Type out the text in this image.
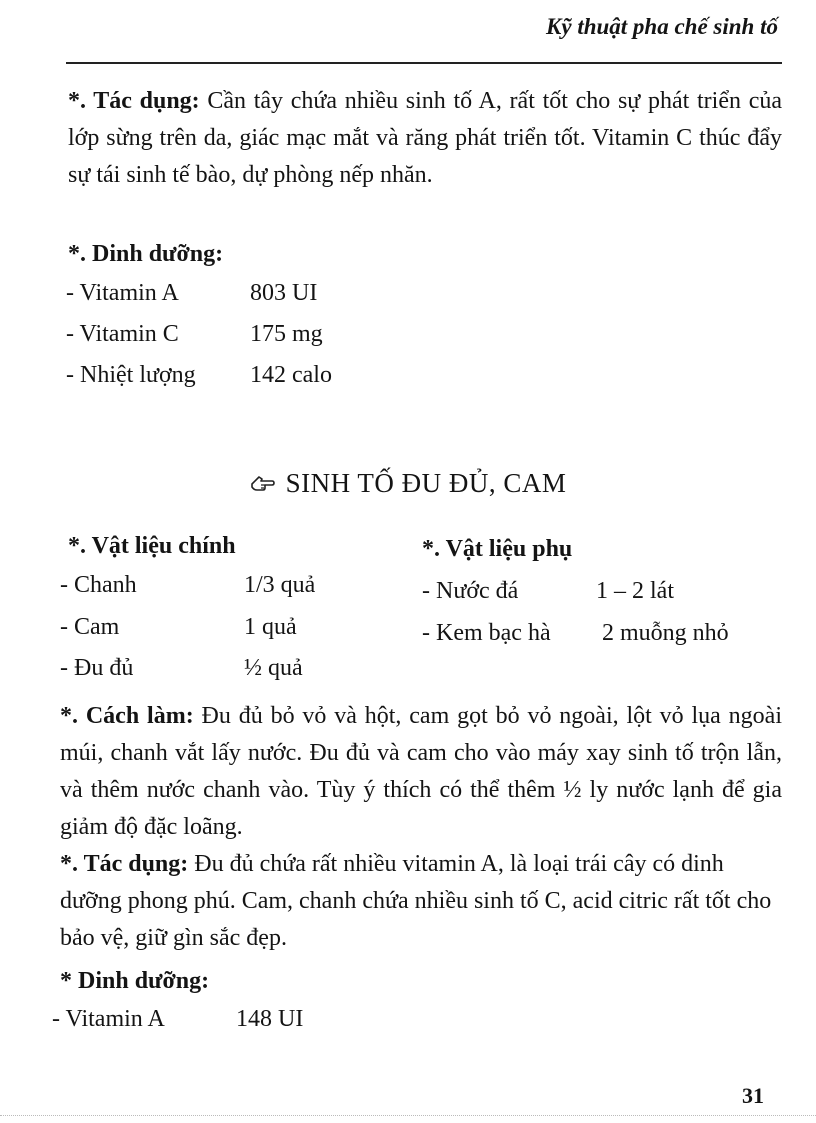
Kỹ thuật pha chế sinh tố
*. Tác dụng: Cần tây chứa nhiều sinh tố A, rất tốt cho sự phát triển của lớp sừng trên da, giác mạc mắt và răng phát triển tốt. Vitamin C thúc đẩy sự tái sinh tế bào, dự phòng nếp nhăn.
*. Dinh dưỡng:
- Vitamin A	803 UI
- Vitamin C	175 mg
- Nhiệt lượng 142 calo
SINH TỐ ĐU ĐỦ, CAM
*. Vật liệu chính	*. Vật liệu phụ
- Chanh	1/3 quả
- Cam	1 quả
- Đu đủ	½ quả
- Nước đá	1 – 2 lát
- Kem bạc hà 2 muỗng nhỏ
*. Cách làm: Đu đủ bỏ vỏ và hột, cam gọt bỏ vỏ ngoài, lột vỏ lụa ngoài múi, chanh vắt lấy nước. Đu đủ và cam cho vào máy xay sinh tố trộn lẫn, và thêm nước chanh vào. Tùy ý thích có thể thêm ½ ly nước lạnh để gia giảm độ đặc loãng.
*. Tác dụng: Đu đủ chứa rất nhiều vitamin A, là loại trái cây có dinh dưỡng phong phú. Cam, chanh chứa nhiều sinh tố C, acid citric rất tốt cho bảo vệ, giữ gìn sắc đẹp.
* Dinh dưỡng:
- Vitamin A	148 UI
31
